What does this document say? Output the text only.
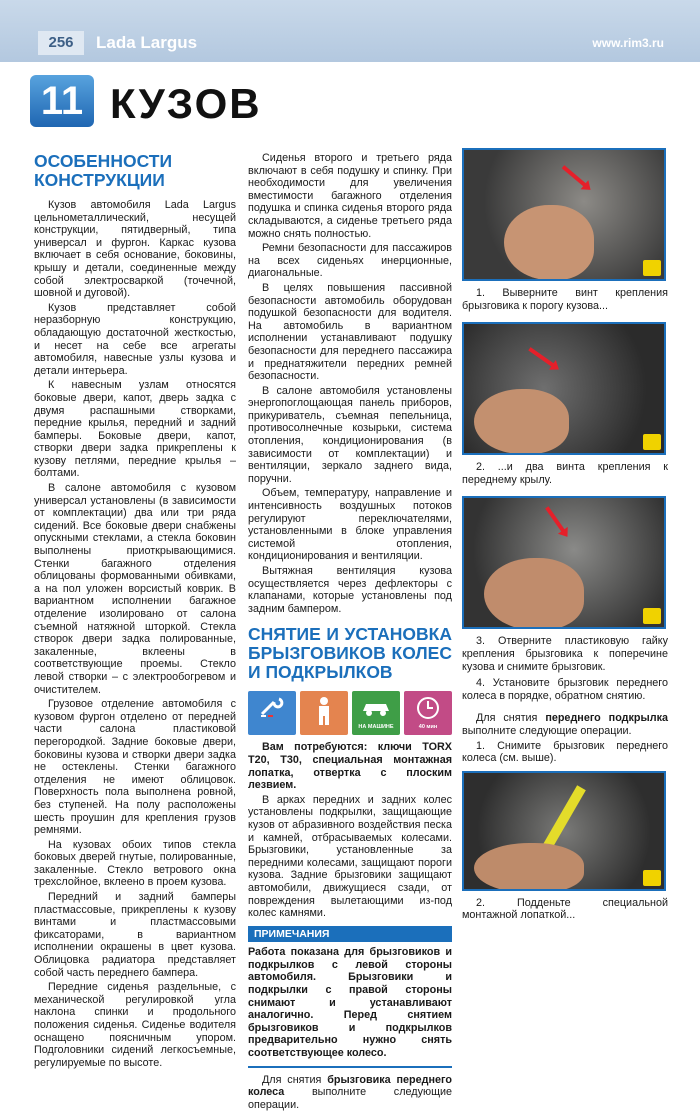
256	Lada Largus	www.rim3.ru
11 КУЗОВ
ОСОБЕННОСТИ КОНСТРУКЦИИ

Кузов автомобиля Lada Largus цельнометаллический, несущей конструкции, пятидверный, типа универсал и фургон. Каркас кузова включает в себя основание, боковины, крышу и детали, соединенные между собой электросваркой (точечной, шовной и дуговой).

Кузов представляет собой неразборную конструкцию, обладающую достаточной жесткостью, и несет на себе все агрегаты автомобиля, навесные узлы кузова и детали интерьера.

К навесным узлам относятся боковые двери, капот, дверь задка с двумя распашными створками, передние крылья, передний и задний бамперы. Боковые двери, капот, створки двери задка прикреплены к кузову петлями, передние крылья – болтами.

В салоне автомобиля с кузовом универсал установлены (в зависимости от комплектации) два или три ряда сидений. Все боковые двери снабжены опускными стеклами, а стекла боковин выполнены приоткрывающимися. Стенки багажного отделения облицованы формованными обивками, а на пол уложен ворсистый коврик. В вариантном исполнении багажное отделение изолировано от салона съемной натяжной шторкой. Стекла створок двери задка полированные, закаленные, вклеены в соответствующие проемы. Стекло левой створки – с электрообогревом и очистителем.

Грузовое отделение автомобиля с кузовом фургон отделено от передней части салона пластиковой перегородкой. Задние боковые двери, боковины кузова и створки двери задка не остеклены. Стенки багажного отделения не имеют облицовок. Поверхность пола выполнена ровной, без ступеней. На полу расположены шесть проушин для крепления грузов ремнями.

На кузовах обоих типов стекла боковых дверей гнутые, полированные, закаленные. Стекло ветрового окна трехслойное, вклеено в проем кузова.

Передний и задний бамперы пластмассовые, прикреплены к кузову винтами и пластмассовыми фиксаторами, в вариантном исполнении окрашены в цвет кузова. Облицовка радиатора представляет собой часть переднего бампера.

Передние сиденья раздельные, с механической регулировкой угла наклона спинки и продольного положения сиденья. Сиденье водителя оснащено поясничным упором. Подголовники сидений легкосъемные, регулируемые по высоте.

Сиденья второго и третьего ряда включают в себя подушку и спинку. При необходимости для увеличения вместимости багажного отделения подушка и спинка сиденья второго ряда складываются, а сиденье третьего ряда можно снять полностью.

Ремни безопасности для пассажиров на всех сиденьях инерционные, диагональные.

В целях повышения пассивной безопасности автомобиль оборудован подушкой безопасности для водителя. На автомобиль в вариантном исполнении устанавливают подушку безопасности для переднего пассажира и преднатяжители передних ремней безопасности.

В салоне автомобиля установлены энергопоглощающая панель приборов, прикуриватель, съемная пепельница, противосолнечные козырьки, система отопления, кондиционирования (в зависимости от комплектации) и вентиляции, зеркало заднего вида, поручни.

Объем, температуру, направление и интенсивность воздушных потоков регулируют переключателями, установленными в блоке управления системой отопления, кондиционирования и вентиляции.

Вытяжная вентиляция кузова осуществляется через дефлекторы с клапанами, которые установлены под задним бампером.

СНЯТИЕ И УСТАНОВКА БРЫЗГОВИКОВ КОЛЕС И ПОДКРЫЛКОВ
НА МАШИНЕ	40 мин

Вам потребуются: ключи TORX T20, T30, специальная монтажная лопатка, отвертка с плоским лезвием.

В арках передних и задних колес установлены подкрылки, защищающие кузов от абразивного воздействия песка и камней, отбрасываемых колесами. Брызговики, установленные за передними колесами, защищают пороги кузова. Задние брызговики защищают автомобили, движущиеся сзади, от повреждения вылетающими из-под колес камнями.

ПРИМЕЧАНИЯ
Работа показана для брызговиков и подкрылков с левой стороны автомобиля. Брызговики и подкрылки с правой стороны снимают и устанавливают аналогично. Перед снятием брызговиков и подкрылков предварительно нужно снять соответствующее колесо.

Для снятия брызговика переднего колеса выполните следующие операции.

1. Выверните винт крепления брызговика к порогу кузова...
2. ...и два винта крепления к переднему крылу.
3. Отверните пластиковую гайку крепления брызговика к поперечине кузова и снимите брызговик.
4. Установите брызговик переднего колеса в порядке, обратном снятию.

Для снятия переднего подкрылка выполните следующие операции.

1. Снимите брызговик переднего колеса (см. выше).

2. Подденьте специальной монтажной лопаткой...
